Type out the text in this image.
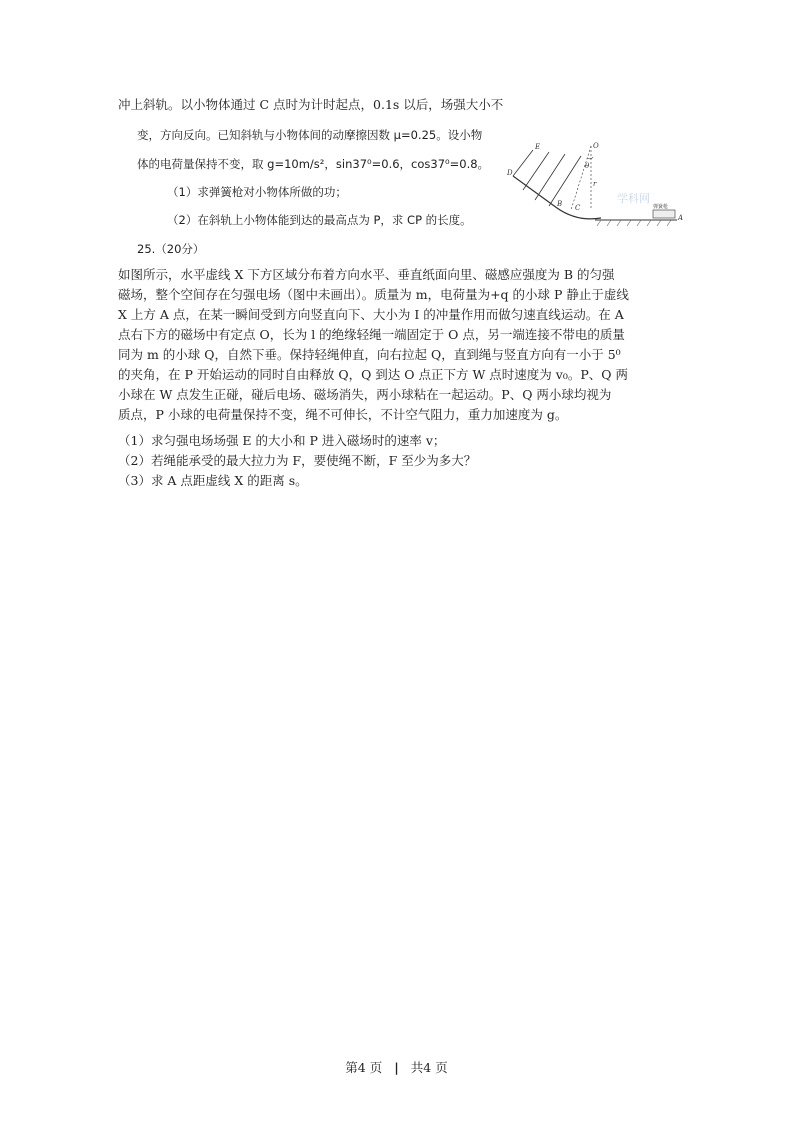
冲上斜轨。以小物体通过 C 点时为计时起点，0.1s 以后，场强大小不
变，方向反向。已知斜轨与小物体间的动摩擦因数 μ=0.25。设小物
体的电荷量保持不变，取 g=10m/s²，sin37⁰=0.6，cos37⁰=0.8。
（1）求弹簧枪对小物体所做的功；
（2）在斜轨上小物体能到达的最高点为 P，求 CP 的长度。
E	O
D
B
θ
C
r
A
弹簧枪
学科网
25.（20分）
如图所示，水平虚线 X 下方区域分布着方向水平、垂直纸面向里、磁感应强度为 B 的匀强
磁场，整个空间存在匀强电场（图中未画出）。质量为 m，电荷量为+q 的小球 P 静止于虚线
X 上方 A 点，在某一瞬间受到方向竖直向下、大小为 I 的冲量作用而做匀速直线运动。在 A
点右下方的磁场中有定点 O，长为 l 的绝缘轻绳一端固定于 O 点，另一端连接不带电的质量
同为 m 的小球 Q，自然下垂。保持轻绳伸直，向右拉起 Q，直到绳与竖直方向有一小于 5⁰
的夹角，在 P 开始运动的同时自由释放 Q，Q 到达 O 点正下方 W 点时速度为 v₀。P、Q 两
小球在 W 点发生正碰，碰后电场、磁场消失，两小球粘在一起运动。P、Q 两小球均视为
质点，P 小球的电荷量保持不变，绳不可伸长，不计空气阻力，重力加速度为 g。
（1）求匀强电场场强 E 的大小和 P 进入磁场时的速率 v；
（2）若绳能承受的最大拉力为 F，要使绳不断，F 至少为多大？
（3）求 A 点距虚线 X 的距离 s。
第4 页 | 共4 页
